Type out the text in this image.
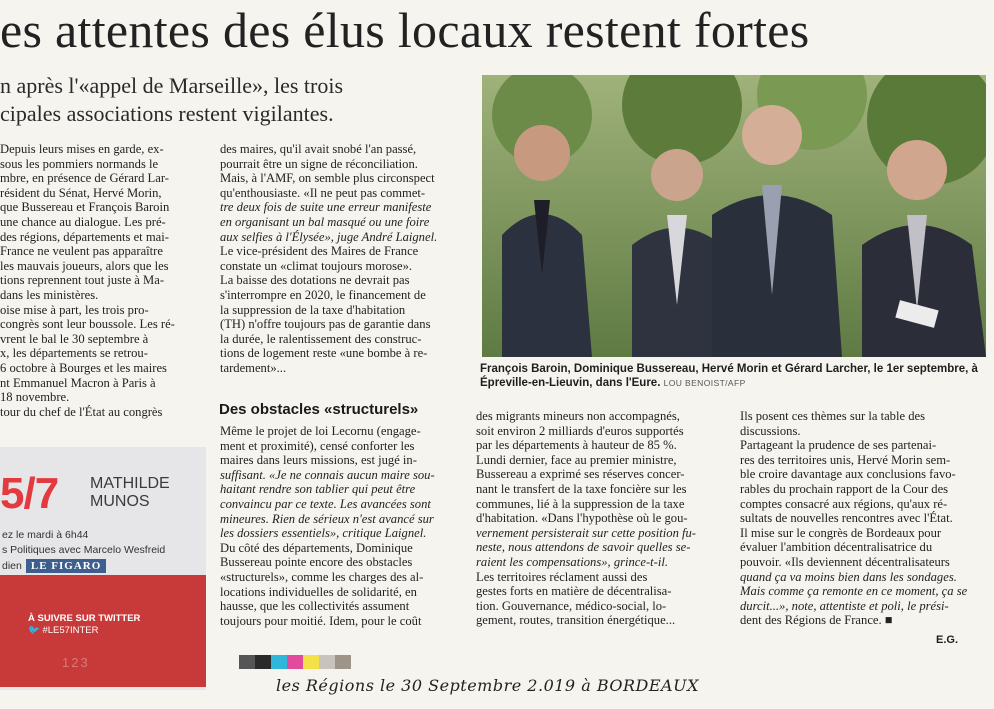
es attentes des élus locaux restent fortes
n après l'«appel de Marseille», les trois
cipales associations restent vigilantes.

Depuis leurs mises en garde, ex-

sous les pommiers normands le

mbre, en présence de Gérard Lar-

résident du Sénat, Hervé Morin,

que Bussereau et François Baroin

une chance au dialogue. Les pré-

des régions, départements et mai-

France ne veulent pas apparaître

les mauvais joueurs, alors que les

tions reprennent tout juste à Ma-

dans les ministères.

oise mise à part, les trois pro-

congrès sont leur boussole. Les ré-

vrent le bal le 30 septembre à

x, les départements se retrou-

6 octobre à Bourges et les maires

nt Emmanuel Macron à Paris à

18 novembre.

tour du chef de l'État au congrès

des maires, qu'il avait snobé l'an passé,

pourrait être un signe de réconciliation.

Mais, à l'AMF, on semble plus circonspect

qu'enthousiaste. «Il ne peut pas commet-

tre deux fois de suite une erreur manifeste

en organisant un bal masqué ou une foire

aux selfies à l'Élysée», juge André Laignel.

Le vice-président des Maires de France

constate un «climat toujours morose».

La baisse des dotations ne devrait pas

s'interrompre en 2020, le financement de

la suppression de la taxe d'habitation

(TH) n'offre toujours pas de garantie dans

la durée, le ralentissement des construc-

tions de logement reste «une bombe à re-

tardement»...

Des obstacles «structurels»

Même le projet de loi Lecornu (engage-

ment et proximité), censé conforter les

maires dans leurs missions, est jugé in-

suffisant. «Je ne connais aucun maire sou-

haitant rendre son tablier qui peut être

convaincu par ce texte. Les avancées sont

mineures. Rien de sérieux n'est avancé sur

les dossiers essentiels», critique Laignel.

Du côté des départements, Dominique

Bussereau pointe encore des obstacles

«structurels», comme les charges des al-

locations individuelles de solidarité, en

hausse, que les collectivités assument

toujours pour moitié. Idem, pour le coût

des migrants mineurs non accompagnés,

soit environ 2 milliards d'euros supportés

par les départements à hauteur de 85 %.

Lundi dernier, face au premier ministre,

Bussereau a exprimé ses réserves concer-

nant le transfert de la taxe foncière sur les

communes, lié à la suppression de la taxe

d'habitation. «Dans l'hypothèse où le gou-

vernement persisterait sur cette position fu-

neste, nous attendons de savoir quelles se-

raient les compensations», grince-t-il.

Les territoires réclament aussi des

gestes forts en matière de décentralisa-

tion. Gouvernance, médico-social, lo-

gement, routes, transition énergétique...

Ils posent ces thèmes sur la table des

discussions.

Partageant la prudence de ses partenai-

res des territoires unis, Hervé Morin sem-

ble croire davantage aux conclusions favo-

rables du prochain rapport de la Cour des

comptes consacré aux régions, qu'aux ré-

sultats de nouvelles rencontres avec l'État.

Il mise sur le congrès de Bordeaux pour

évaluer l'ambition décentralisatrice du

pouvoir. «Ils deviennent décentralisateurs

quand ça va moins bien dans les sondages.

Mais comme ça remonte en ce moment, ça se

durcit...», note, attentiste et poli, le prési-

dent des Régions de France. ■

François Baroin, Dominique Bussereau, Hervé Morin et Gérard Larcher, le 1er septembre, à Épreville-en-Lieuvin, dans l'Eure. LOU BENOIST/AFP
5/7 MATHILDE
MUNOS
ez le mardi à 6h44
s Politiques avec Marcelo Wesfreid
dien LE FIGARO
À SUIVRE SUR TWITTER
🐦 #LE57INTER
123
E.G.
les Régions le 30 Septembre 2.019 à BORDEAUX
